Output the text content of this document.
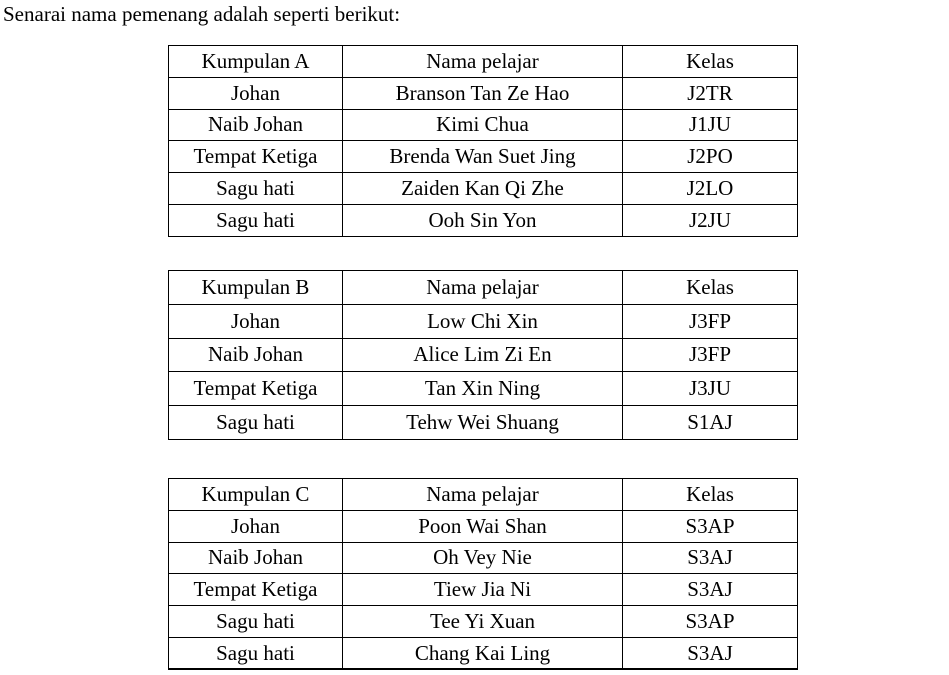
Senarai nama pemenang adalah seperti berikut:

Kumpulan A	Nama pelajar	Kelas
Johan	Branson Tan Ze Hao	J2TR
Naib Johan	Kimi Chua	J1JU
Tempat Ketiga	Brenda Wan Suet Jing	J2PO
Sagu hati	Zaiden Kan Qi Zhe	J2LO
Sagu hati	Ooh Sin Yon	J2JU
Kumpulan B	Nama pelajar	Kelas
Johan	Low Chi Xin	J3FP
Naib Johan	Alice Lim Zi En	J3FP
Tempat Ketiga	Tan Xin Ning	J3JU
Sagu hati	Tehw Wei Shuang	S1AJ
Kumpulan C	Nama pelajar	Kelas
Johan	Poon Wai Shan	S3AP
Naib Johan	Oh Vey Nie	S3AJ
Tempat Ketiga	Tiew Jia Ni	S3AJ
Sagu hati	Tee Yi Xuan	S3AP
Sagu hati	Chang Kai Ling	S3AJ
